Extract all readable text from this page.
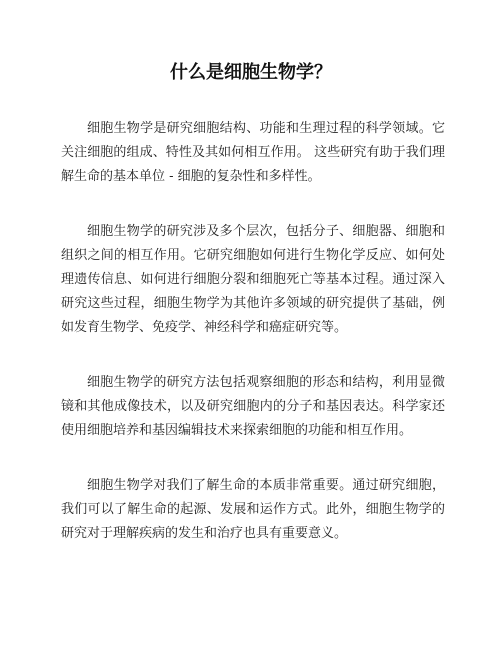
什么是细胞生物学？

细胞生物学是研究细胞结构、功能和生理过程的科学领域。它关注细胞的组成、特性及其如何相互作用。 这些研究有助于我们理解生命的基本单位 - 细胞的复杂性和多样性。

细胞生物学的研究涉及多个层次，包括分子、细胞器、细胞和组织之间的相互作用。它研究细胞如何进行生物化学反应、如何处理遗传信息、如何进行细胞分裂和细胞死亡等基本过程。通过深入研究这些过程，细胞生物学为其他许多领域的研究提供了基础，例如发育生物学、免疫学、神经科学和癌症研究等。

细胞生物学的研究方法包括观察细胞的形态和结构，利用显微镜和其他成像技术，以及研究细胞内的分子和基因表达。科学家还使用细胞培养和基因编辑技术来探索细胞的功能和相互作用。

细胞生物学对我们了解生命的本质非常重要。通过研究细胞，我们可以了解生命的起源、发展和运作方式。此外，细胞生物学的研究对于理解疾病的发生和治疗也具有重要意义。
